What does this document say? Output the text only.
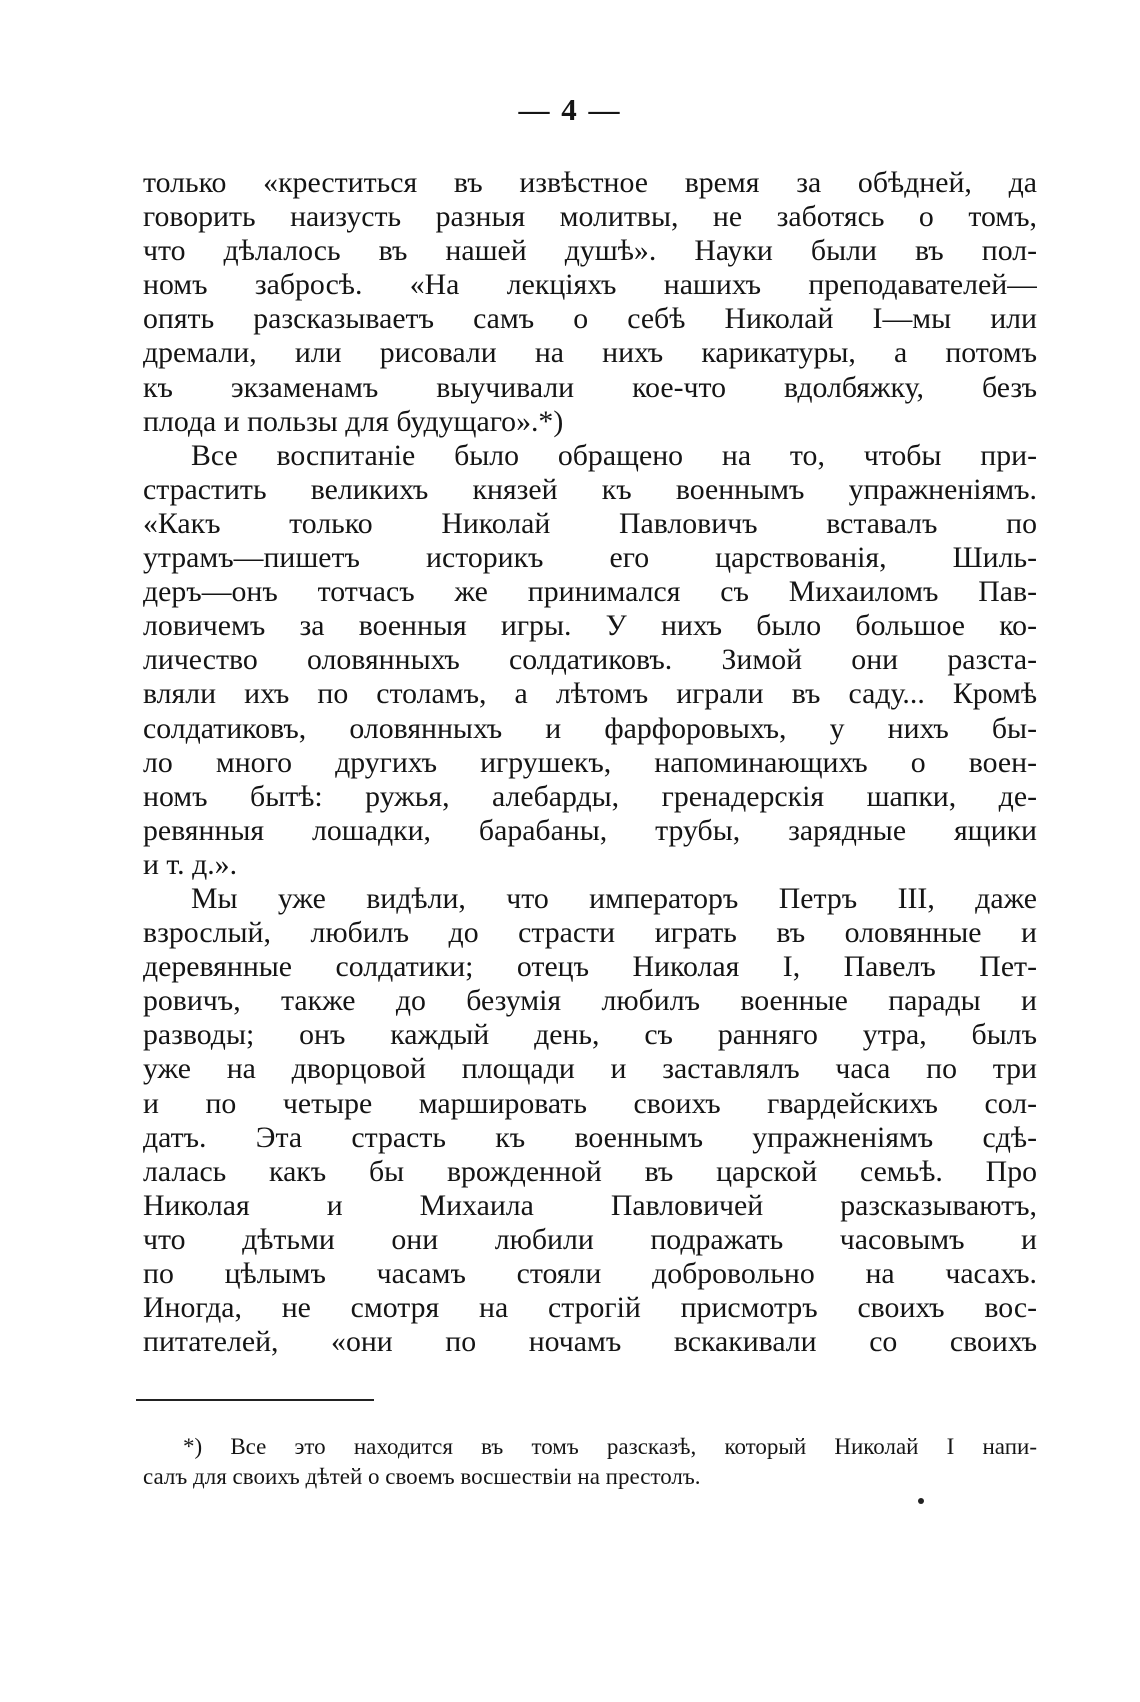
— 4 —
только «креститься въ извѣстное время за обѣдней, да
говорить наизусть разныя молитвы, не заботясь о томъ,
что дѣлалось въ нашей душѣ». Науки были въ пол-
номъ забросѣ. «На лекціяхъ нашихъ преподавателей—
опять разсказываетъ самъ о себѣ Николай I—мы или
дремали, или рисовали на нихъ карикатуры, а потомъ
къ экзаменамъ выучивали кое-что вдолбяжку, безъ
плода и пользы для будущаго».*)
Все воспитаніе было обращено на то, чтобы при-
страстить великихъ князей къ военнымъ упражненіямъ.
«Какъ только Николай Павловичъ вставалъ по
утрамъ—пишетъ историкъ его царствованія, Шиль-
деръ—онъ тотчасъ же принимался съ Михаиломъ Пав-
ловичемъ за военныя игры. У нихъ было большое ко-
личество оловянныхъ солдатиковъ. Зимой они разста-
вляли ихъ по столамъ, а лѣтомъ играли въ саду... Кромѣ
солдатиковъ, оловянныхъ и фарфоровыхъ, у нихъ бы-
ло много другихъ игрушекъ, напоминающихъ о воен-
номъ бытѣ: ружья, алебарды, гренадерскія шапки, де-
ревянныя лошадки, барабаны, трубы, зарядные ящики
и т. д.».
Мы уже видѣли, что императоръ Петръ III, даже
взрослый, любилъ до страсти играть въ оловянные и
деревянные солдатики; отецъ Николая I, Павелъ Пет-
ровичъ, также до безумія любилъ военные парады и
разводы; онъ каждый день, съ ранняго утра, былъ
уже на дворцовой площади и заставлялъ часа по три
и по четыре маршировать своихъ гвардейскихъ сол-
датъ. Эта страсть къ военнымъ упражненіямъ сдѣ-
лалась какъ бы врожденной въ царской семьѣ. Про
Николая и Михаила Павловичей разсказываютъ,
что дѣтьми они любили подражать часовымъ и
по цѣлымъ часамъ стояли добровольно на часахъ.
Иногда, не смотря на строгій присмотръ своихъ вос-
питателей, «они по ночамъ вскакивали со своихъ
*) Все это находится въ томъ разсказѣ, который Николай I напи-
салъ для своихъ дѣтей о своемъ восшествіи на престолъ.
